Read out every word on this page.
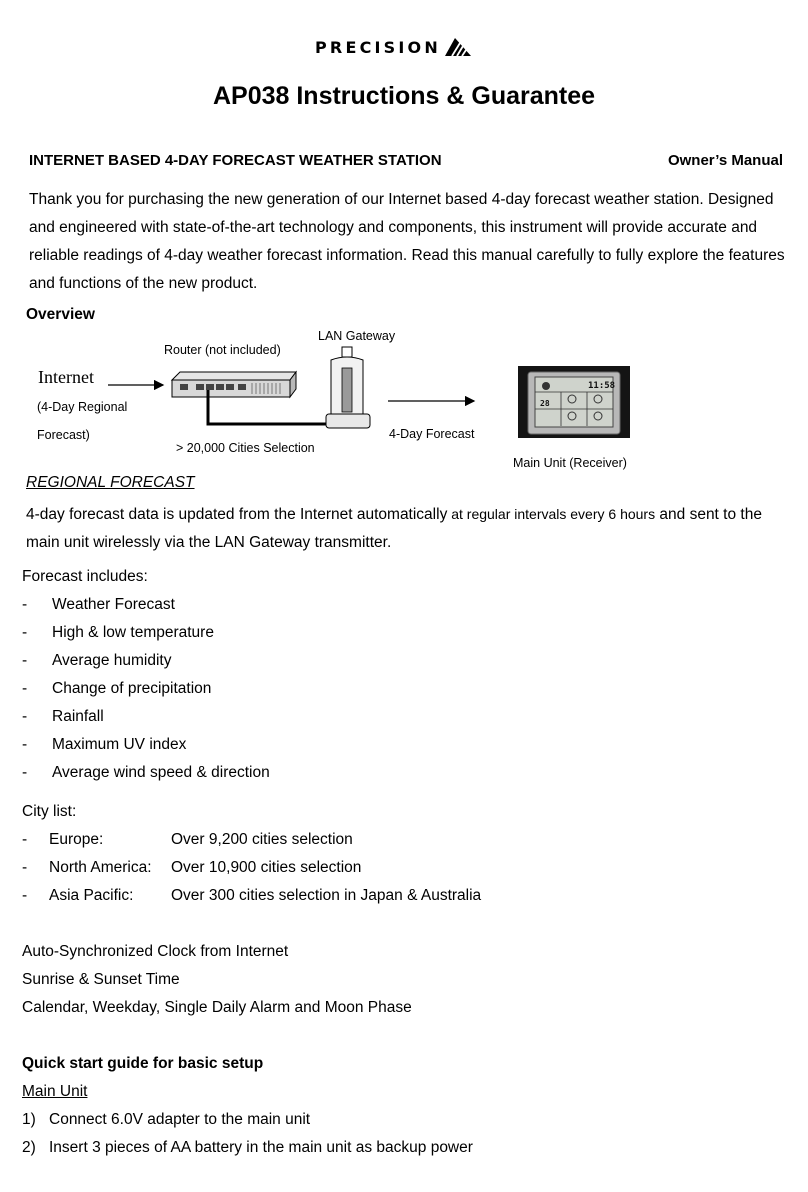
PRECISION
AP038 Instructions & Guarantee
INTERNET BASED 4-DAY FORECAST WEATHER STATION	Owner’s Manual
Thank you for purchasing the new generation of our Internet based 4-day forecast weather station. Designed and engineered with state-of-the-art technology and components, this instrument will provide accurate and reliable readings of 4-day weather forecast information. Read this manual carefully to fully explore the features and functions of the new product.
Overview
LAN Gateway
Router (not included)
Internet
(4-Day Regional
Forecast)
> 20,000 Cities Selection
4-Day Forecast
Main Unit (Receiver)
11:58
28
REGIONAL FORECAST
4-day forecast data is updated from the Internet automatically at regular intervals every 6 hours and sent to the main unit wirelessly via the LAN Gateway transmitter.
Forecast includes:
- Weather Forecast
- High & low temperature
- Average humidity
- Change of precipitation
- Rainfall
- Maximum UV index
- Average wind speed & direction
City list:
- Europe:	Over 9,200 cities selection
- North America: Over 10,900 cities selection
- Asia Pacific: Over 300 cities selection in Japan & Australia
Auto-Synchronized Clock from Internet
Sunrise & Sunset Time
Calendar, Weekday, Single Daily Alarm and Moon Phase
Quick start guide for basic setup
Main Unit
1) Connect 6.0V adapter to the main unit
2) Insert 3 pieces of AA battery in the main unit as backup power
